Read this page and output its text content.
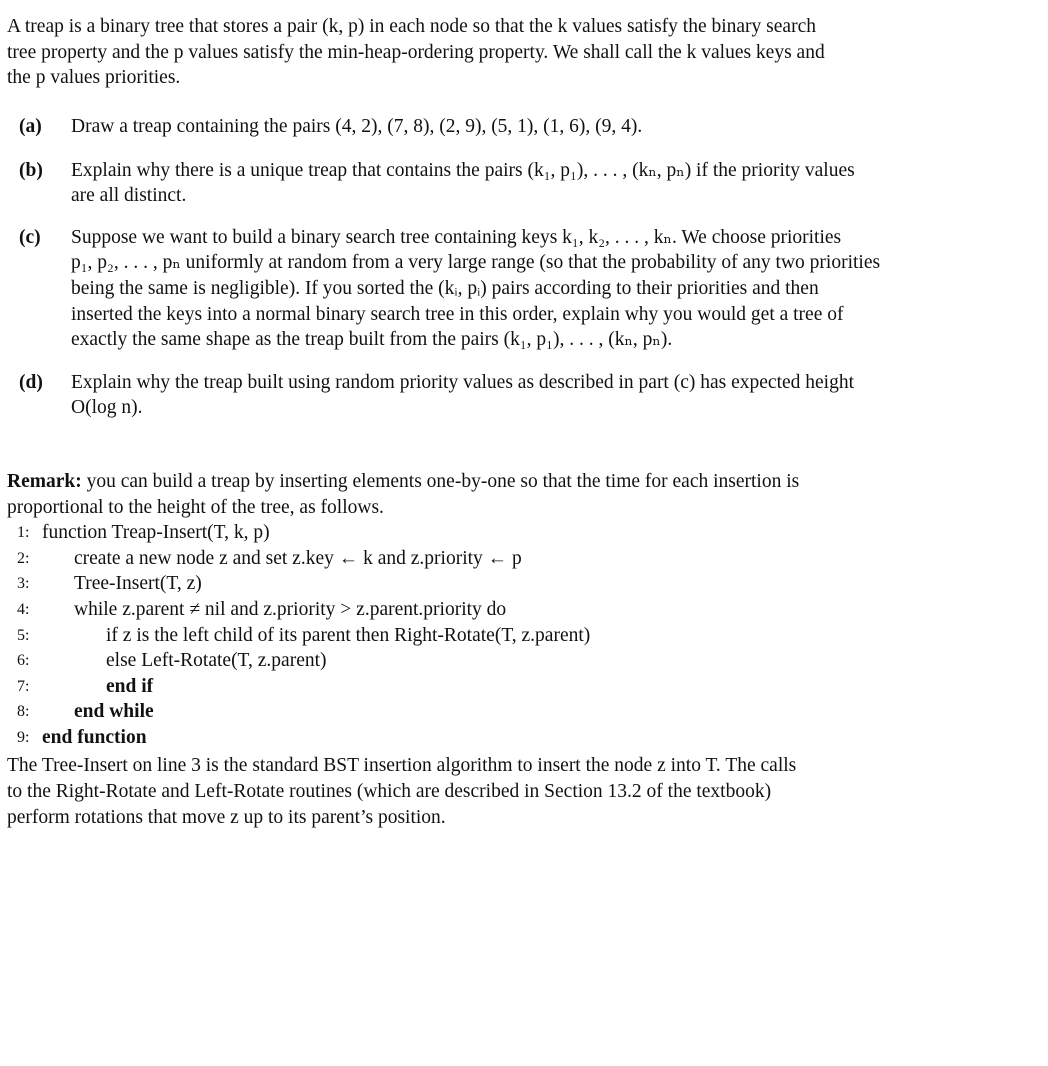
A treap is a binary tree that stores a pair (k, p) in each node so that the k values satisfy the binary search
tree property and the p values satisfy the min-heap-ordering property. We shall call the k values keys and
the p values priorities.
(a) Draw a treap containing the pairs (4, 2), (7, 8), (2, 9), (5, 1), (1, 6), (9, 4).
(b) Explain why there is a unique treap that contains the pairs (k₁, p₁), . . . , (kₙ, pₙ) if the priority values
are all distinct.
(c) Suppose we want to build a binary search tree containing keys k₁, k₂, . . . , kₙ. We choose priorities
p₁, p₂, . . . , pₙ uniformly at random from a very large range (so that the probability of any two priorities
being the same is negligible). If you sorted the (kᵢ, pᵢ) pairs according to their priorities and then
inserted the keys into a normal binary search tree in this order, explain why you would get a tree of
exactly the same shape as the treap built from the pairs (k₁, p₁), . . . , (kₙ, pₙ).
(d) Explain why the treap built using random priority values as described in part (c) has expected height
O(log n).
Remark: you can build a treap by inserting elements one-by-one so that the time for each insertion is
proportional to the height of the tree, as follows.
1: function Treap-Insert(T, k, p)
2:	create a new node z and set z.key ← k and z.priority ← p
3:	Tree-Insert(T, z)
4:	while z.parent ≠ nil and z.priority > z.parent.priority do
5:	if z is the left child of its parent then Right-Rotate(T, z.parent)
6:	else Left-Rotate(T, z.parent)
7:	end if
8:	end while
9: end function
The Tree-Insert on line 3 is the standard BST insertion algorithm to insert the node z into T. The calls
to the Right-Rotate and Left-Rotate routines (which are described in Section 13.2 of the textbook)
perform rotations that move z up to its parent’s position.
